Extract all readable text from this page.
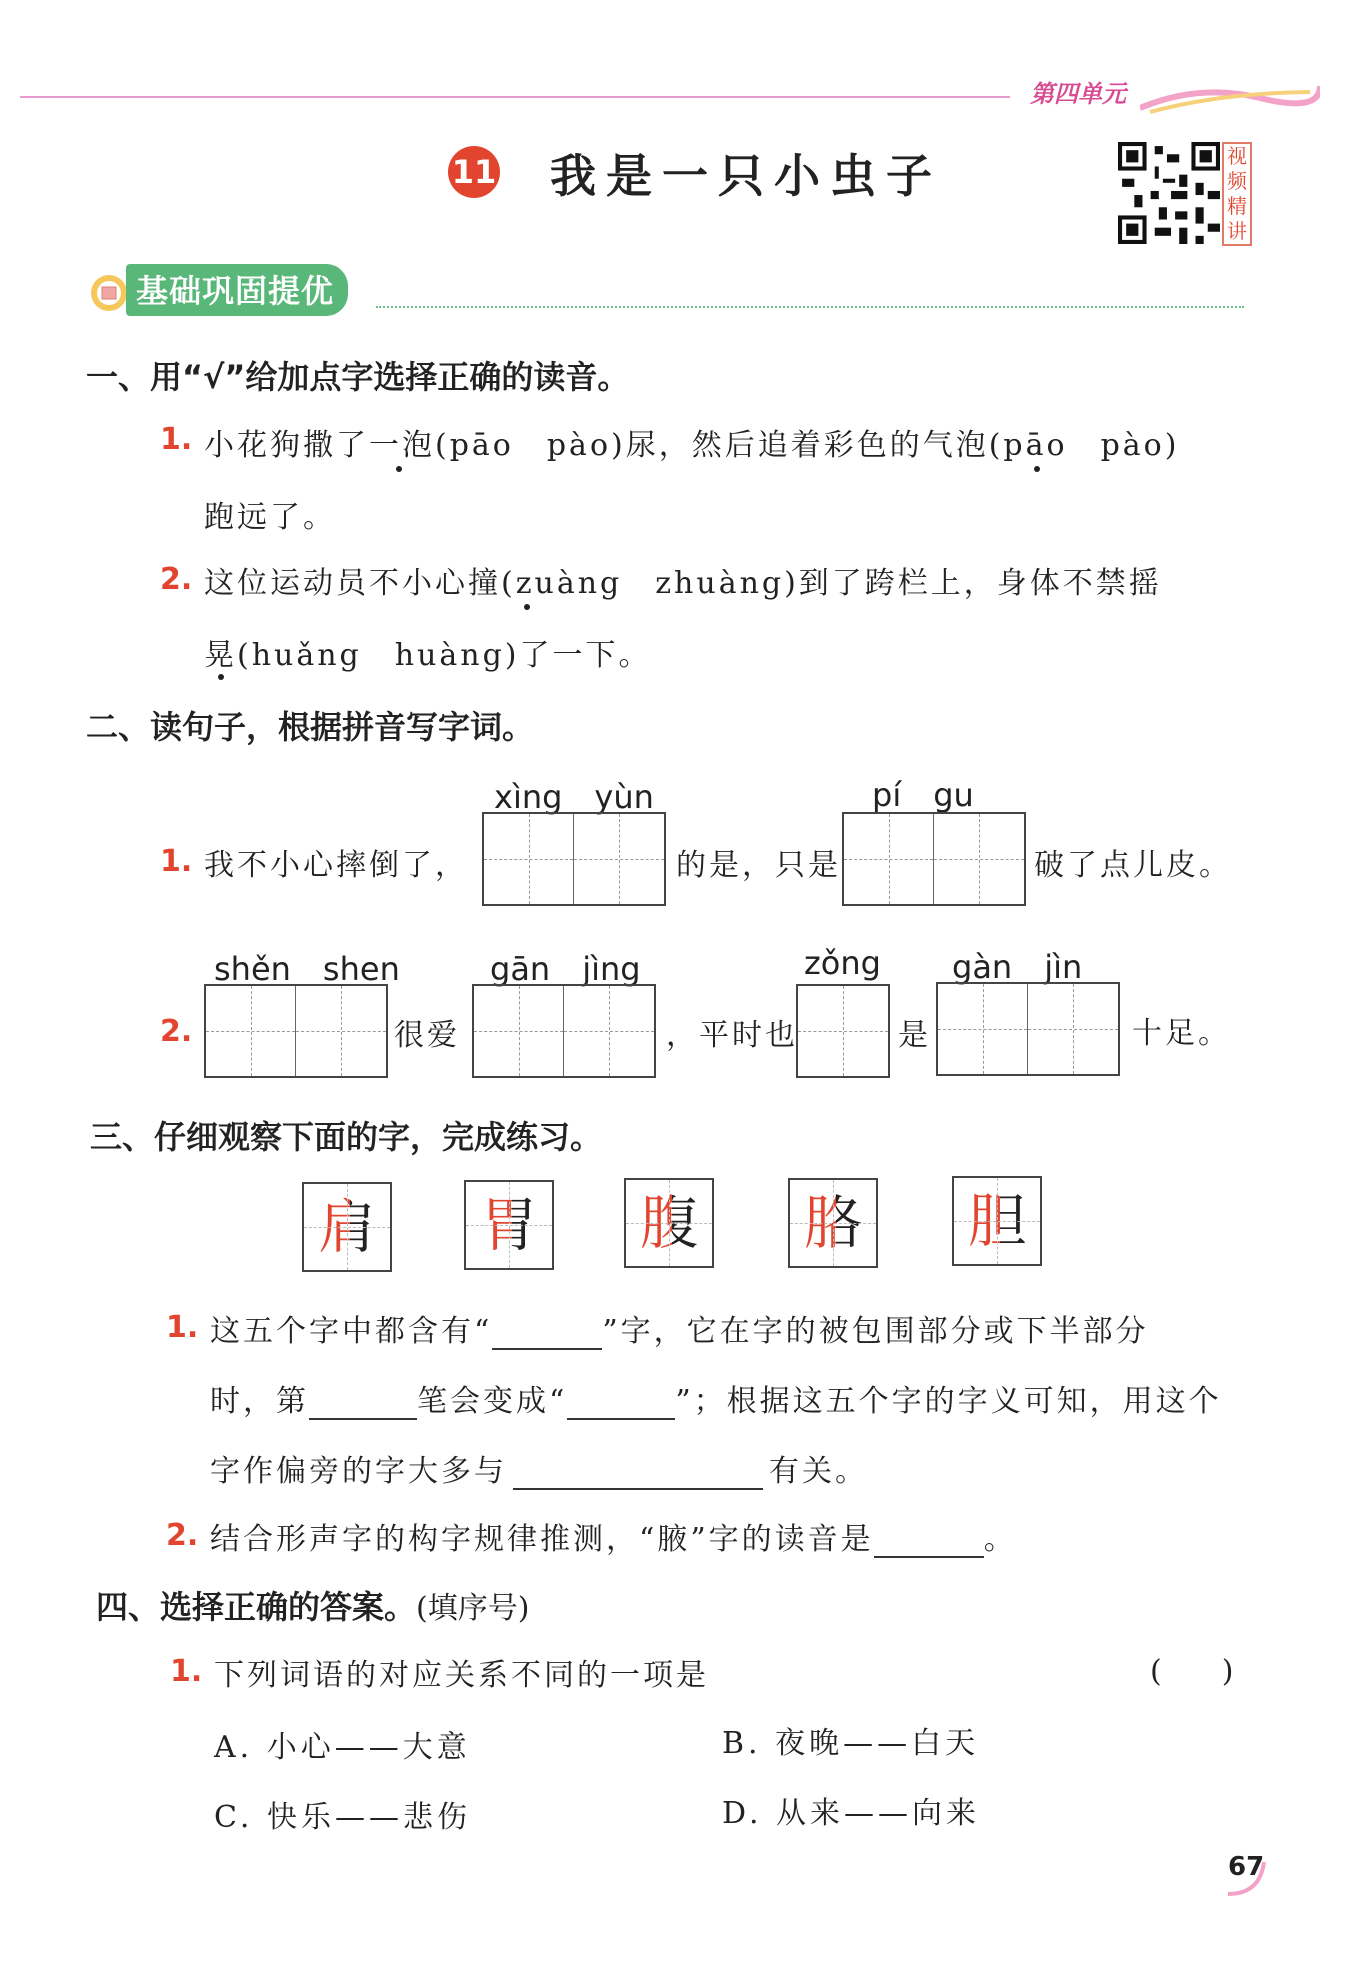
第四单元
11 我是一只小虫子	视频精讲
基础巩固提优
一、用“√”给加点字选择正确的读音。
1. 小花狗撒了一泡(pāo　pào)尿，然后追着彩色的气泡(pāo　pào)
跑远了。
2. 这位运动员不小心撞(zuàng　zhuàng)到了跨栏上，身体不禁摇
晃(huǎng　huàng)了一下。
二、读句子，根据拼音写字词。
xìng　yùn	pí　gu
1. 我不小心摔倒了，	的是，只是	破了点儿皮。
shěn　shen	gān　jìng	zǒng gàn　jìn
2.	很爱	，平时也	是	十足。
三、仔细观察下面的字，完成练习。
肩 胃 腹 胳 胆
1. 这五个字中都含有“	”字，它在字的被包围部分或下半部分
时，第	笔会变成“	”；根据这五个字的字义可知，用这个
字作偏旁的字大多与	有关。
2. 结合形声字的构字规律推测，“腋”字的读音是	。
四、选择正确的答案。(填序号)
1. 下列词语的对应关系不同的一项是	(　　)
A. 小心——大意	B. 夜晚——白天
C. 快乐——悲伤	D. 从来——向来
67
